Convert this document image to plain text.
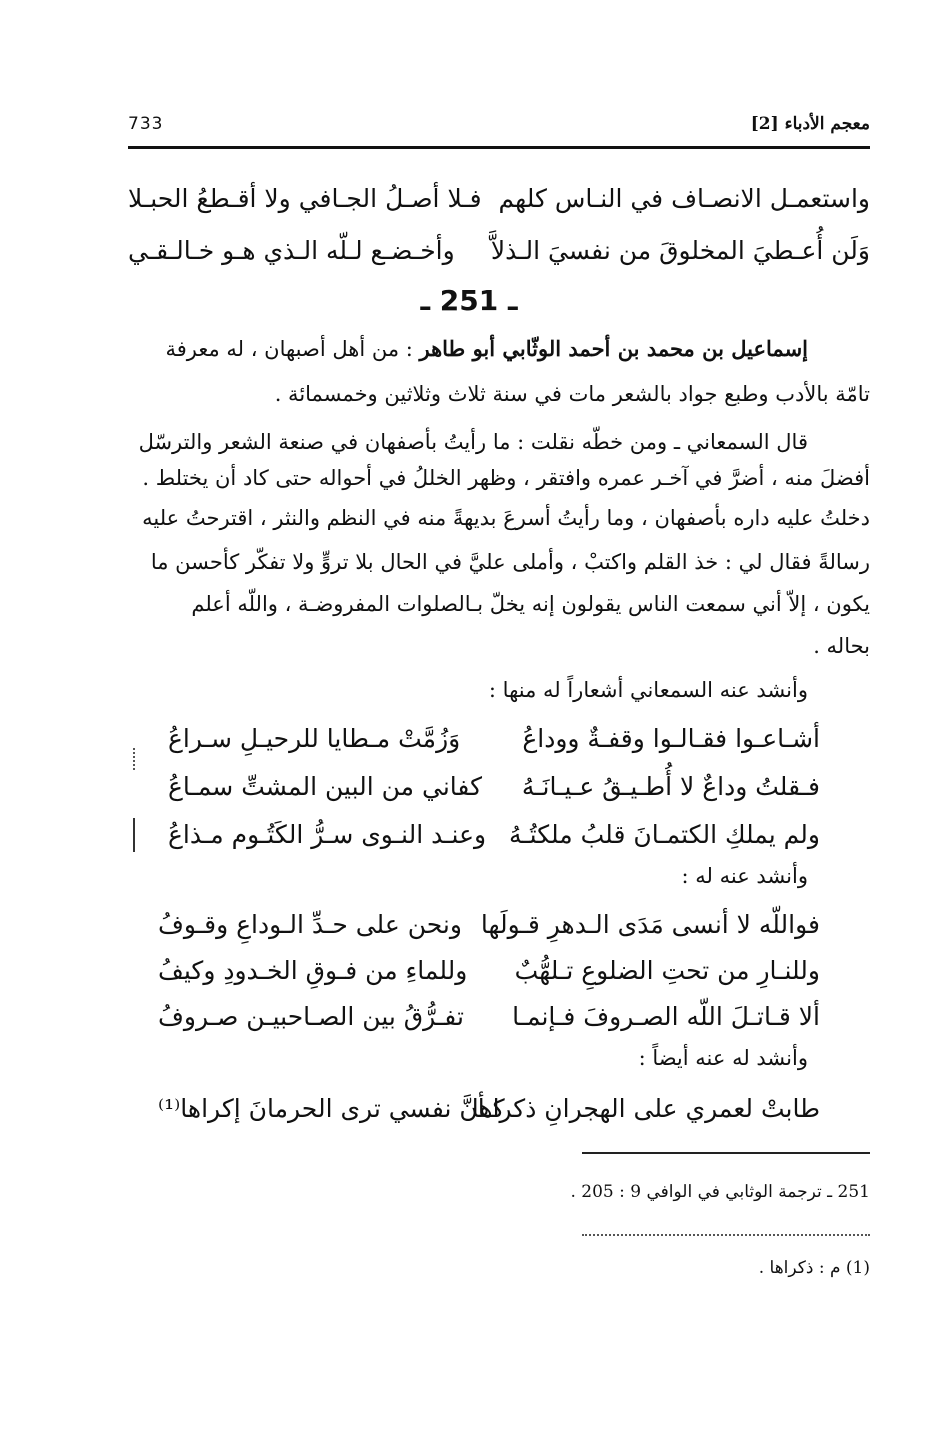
معجم الأدباء [2]
733
واستعمـل الانصـاف في النـاس كلهم
فـلا أصـلُ الجـافي ولا أقـطعُ الحبـلا
وَلَن أُعـطيَ المخلوقَ من نفسيَ الـذلاَّ
وأخـضـع لـلّه الـذي هـو خـالـقـي
ـ 251 ـ
إسماعيل بن محمد بن أحمد الوثّابي أبو طاهر : من أهل أصبهان ، له معرفة
تامّة بالأدب وطبع جواد بالشعر مات في سنة ثلاث وثلاثين وخمسمائة .
قال السمعاني ـ ومن خطّه نقلت : ما رأيتُ بأصفهان في صنعة الشعر والترسّل
أفضلَ منه ، أضرَّ في آخـر عمره وافتقر ، وظهر الخللُ في أحواله حتى كاد أن يختلط .
دخلتُ عليه داره بأصفهان ، وما رأيتُ أسرعَ بديهةً منه في النظم والنثر ، اقترحتُ عليه
رسالةً فقال لي : خذ القلم واكتبْ ، وأملى عليَّ في الحال بلا تروٍّ ولا تفكّر كأحسن ما
يكون ، إلاّ أني سمعت الناس يقولون إنه يخلّ بـالصلوات المفروضـة ، واللّه أعلم
بحاله .
وأنشد عنه السمعاني أشعاراً له منها :
أشـاعـوا فقـالـوا وقفـةٌ ووداعُ
وَزُمَّتْ مـطايا للرحيـلِ سـراعُ
فـقلتُ وداعٌ لا أُطـيـقُ عـيـانَـهُ
كفاني من البين المشتِّ سمـاعُ
ولم يملكِ الكتمـانَ قلبُ ملكتُـهُ
وعنـد النـوى سـرُّ الكَتُـوم مـذاعُ
وأنشد عنه له :
فواللّه لا أنسى مَدَى الـدهرِ قـولَها
ونحن على حـدِّ الـوداعِ وقـوفُ
وللنـارِ من تحتِ الضلوعِ تـلهُّبٌ
وللماءِ من فـوقِ الخـدودِ وكيفُ
ألا قـاتـلَ اللّه الصـروفَ فـإنمـا
تفـرُّقُ بين الصـاحبيـن صـروفُ
وأنشد له عنه أيضاً :
طابتْ لعمري على الهجرانِ ذكراها
كـأنَّ نفسي ترى الحرمانَ إكراها⁽¹⁾
251 ـ ترجمة الوثابي في الوافي 9 : 205 .
(1) م : ذكراها .
